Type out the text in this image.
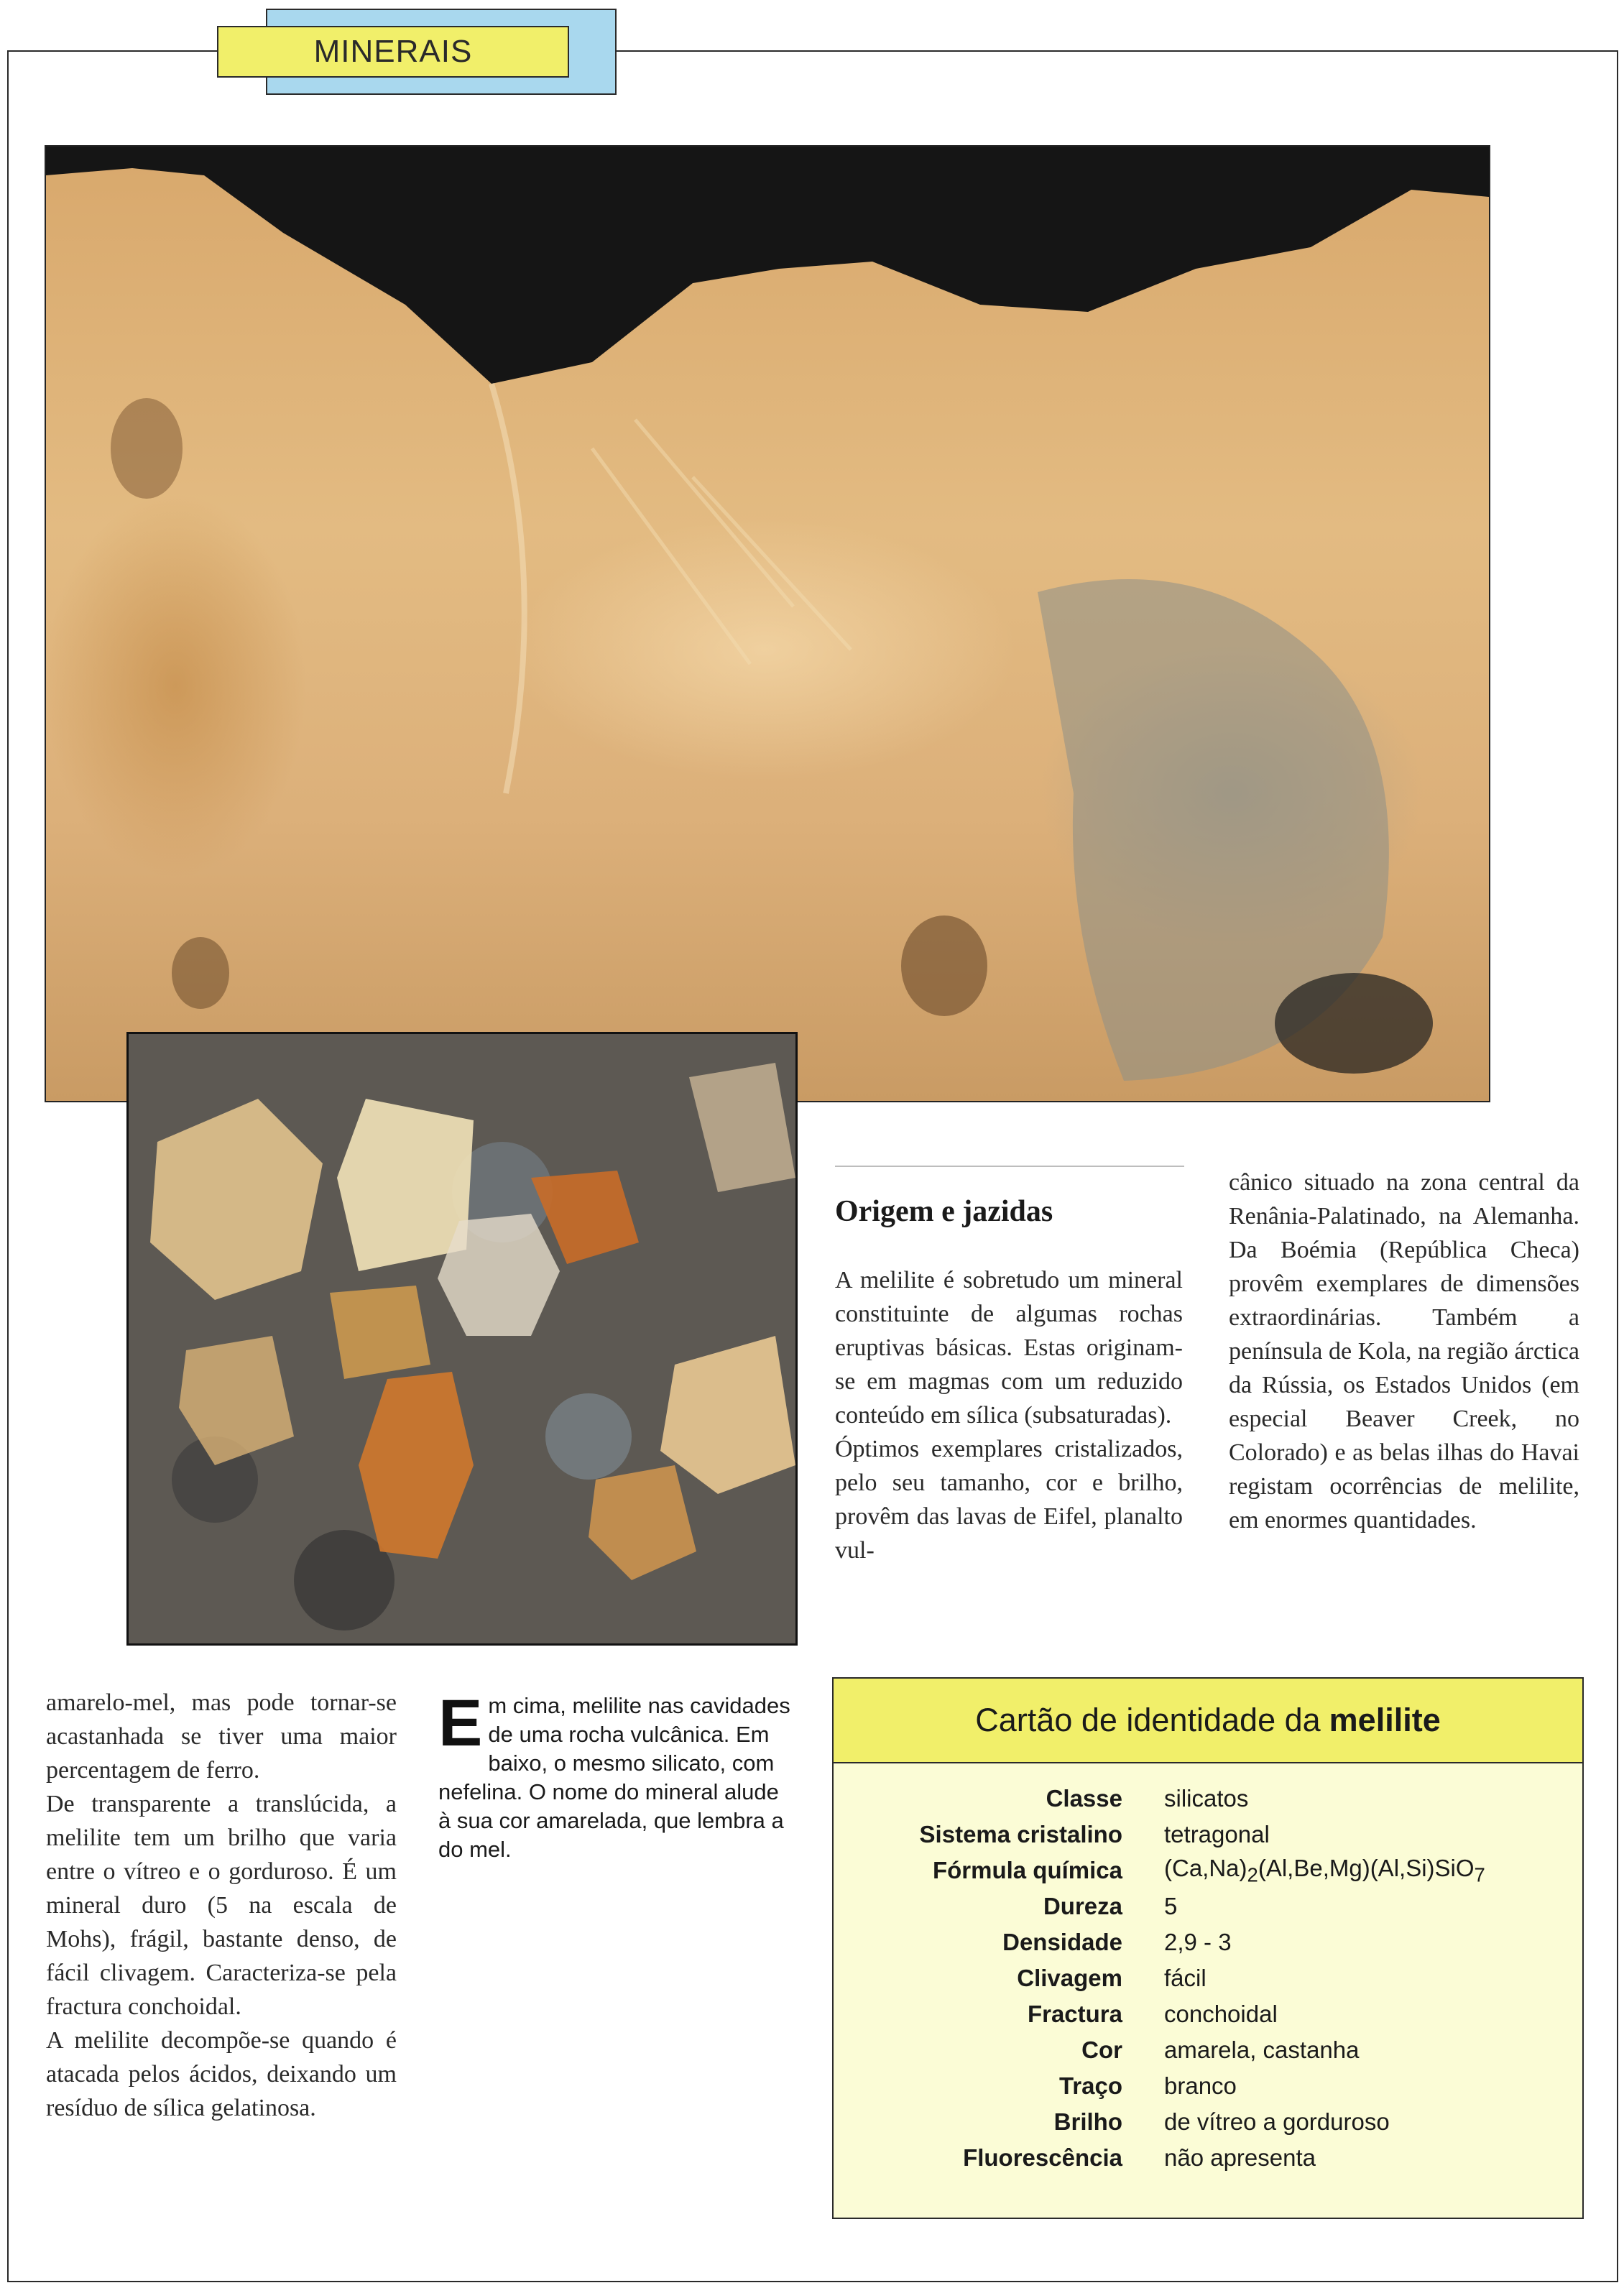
MINERAIS
Origem e jazidas

A melilite é sobretudo um mineral constituinte de algumas rochas eruptivas básicas. Estas originam-se em magmas com um reduzido conteúdo em sílica (subsaturadas).

Óptimos exemplares cristalizados, pelo seu tamanho, cor e brilho, provêm das lavas de Eifel, planalto vul-

cânico situado na zona central da Renânia-Palatinado, na Alemanha. Da Boémia (República Checa) provêm exemplares de dimensões extraordinárias. Também a península de Kola, na região árctica da Rússia, os Estados Unidos (em especial Beaver Creek, no Colorado) e as belas ilhas do Havai registam ocorrências de melilite, em enormes quantidades.

amarelo-mel, mas pode tornar-se acastanhada se tiver uma maior percentagem de ferro.

De transparente a translúcida, a melilite tem um brilho que varia entre o vítreo e o gorduroso. É um mineral duro (5 na escala de Mohs), frágil, bastante denso, de fácil clivagem. Caracteriza-se pela fractura conchoidal.

A melilite decompõe-se quando é atacada pelos ácidos, deixando um resíduo de sílica gelatinosa.

Em cima, melilite nas cavidades de uma rocha vulcânica. Em baixo, o mesmo silicato, com nefelina. O nome do mineral alude à sua cor amarelada, que lembra a do mel.
Cartão de identidade da melilite
Classe	silicatos
Sistema cristalino	tetragonal
Fórmula química	$(Ca,Na)_2(Al,Be,Mg)(Al,Si)SiO_7$
Dureza	5
Densidade	2,9 - 3
Clivagem	fácil
Fractura	conchoidal
Cor	amarela, castanha
Traço	branco
Brilho	de vítreo a gorduroso
Fluorescência	não apresenta
